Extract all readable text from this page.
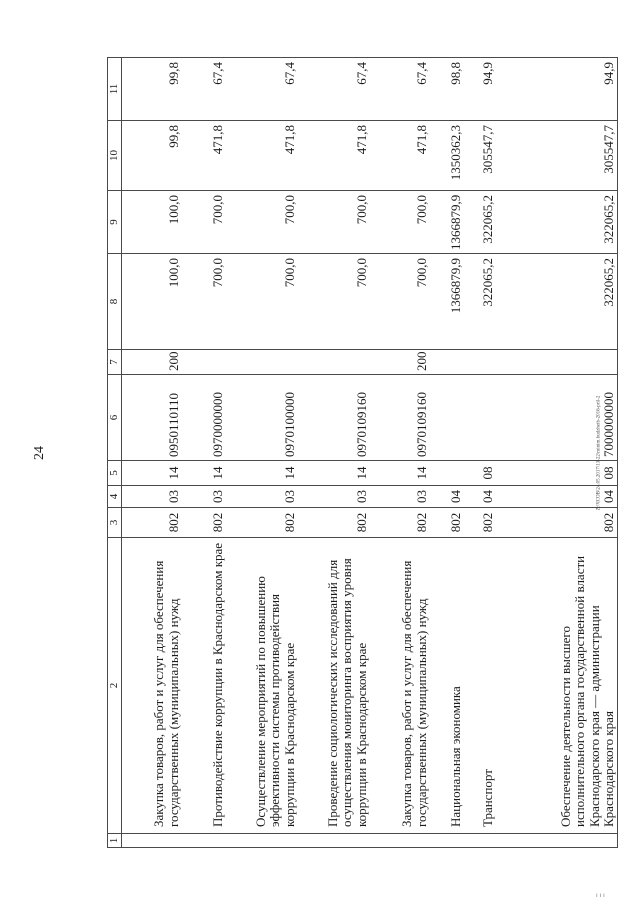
24
1	2	3	4	5	6	7	8	9	10	11
	Закупка товаров, работ и услуг для обеспечения государственных (муниципальных) нужд	802	03	14	0950110110	200	100,0	100,0	99,8	99,8
	Противодействие коррупции в Краснодарском крае	802	03	14	0970000000		700,0	700,0	471,8	67,4
	Осуществление мероприятий по повышению эффективности системы противодействия коррупции в Краснодарском крае	802	03	14	0970100000		700,0	700,0	471,8	67,4
	Проведение социологических исследований для осуществления мониторинга восприятия уровня коррупции в Краснодарском крае	802	03	14	0970109160		700,0	700,0	471,8	67,4
	Закупка товаров, работ и услуг для обеспечения государственных (муниципальных) нужд	802	03	14	0970109160	200	700,0	700,0	471,8	67,4
	Национальная экономика	802	04				1366879,9	1366879,9	1350362,3	98,8
	Транспорт	802	04	08			322065,2	322065,2	305547,7	94,9
	Обеспечение деятельности высшего исполнительного органа государственной власти Краснодарского края — администрации Краснодарского края	802	04	08	7000000000		322065,2	322065,2	305547,7	94,9
Z:\ЧСОВ\24.05.2017\13-22\minim.budzhetb-2016-pril-2
ı ı ı
